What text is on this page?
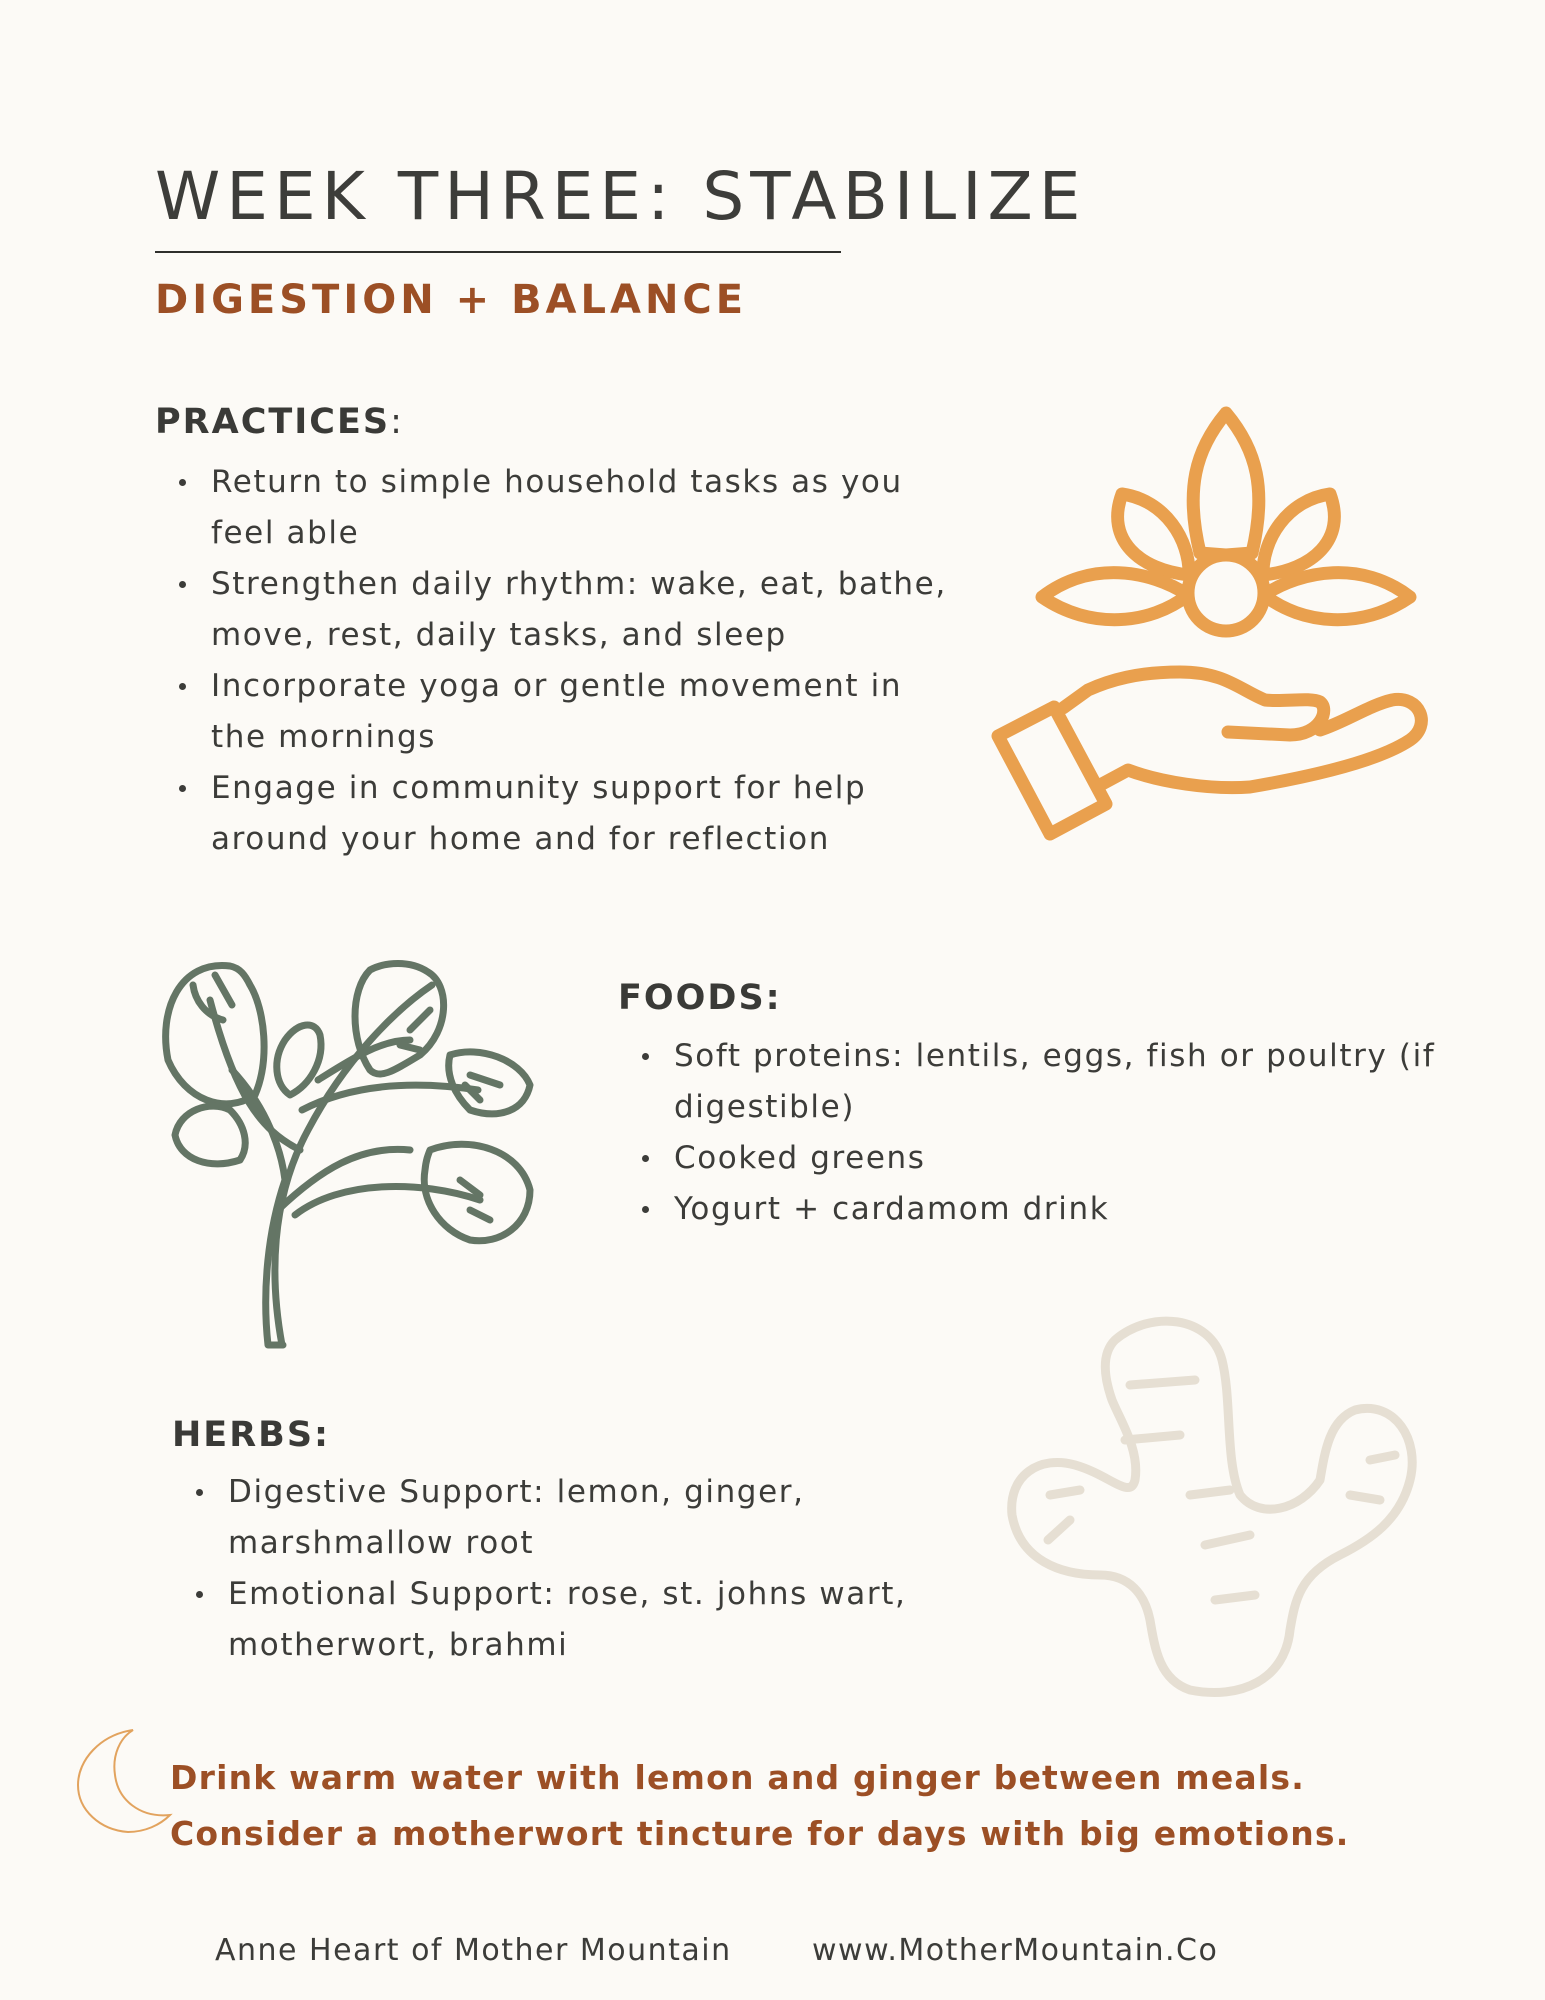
WEEK THREE: STABILIZE
DIGESTION + BALANCE
PRACTICES:
Return to simple household tasks as you feel able
Strengthen daily rhythm: wake, eat, bathe, move, rest, daily tasks, and sleep
Incorporate yoga or gentle movement in the mornings
Engage in community support for help around your home and for reflection
FOODS:
Soft proteins: lentils, eggs, fish or poultry (if digestible)
Cooked greens
Yogurt + cardamom drink
HERBS:
Digestive Support: lemon, ginger, marshmallow root
Emotional Support: rose, st. johns wart, motherwort, brahmi

Drink warm water with lemon and ginger between meals.

Consider a motherwort tincture for days with big emotions.

Anne Heart of Mother Mountain	www.MotherMountain.Co
